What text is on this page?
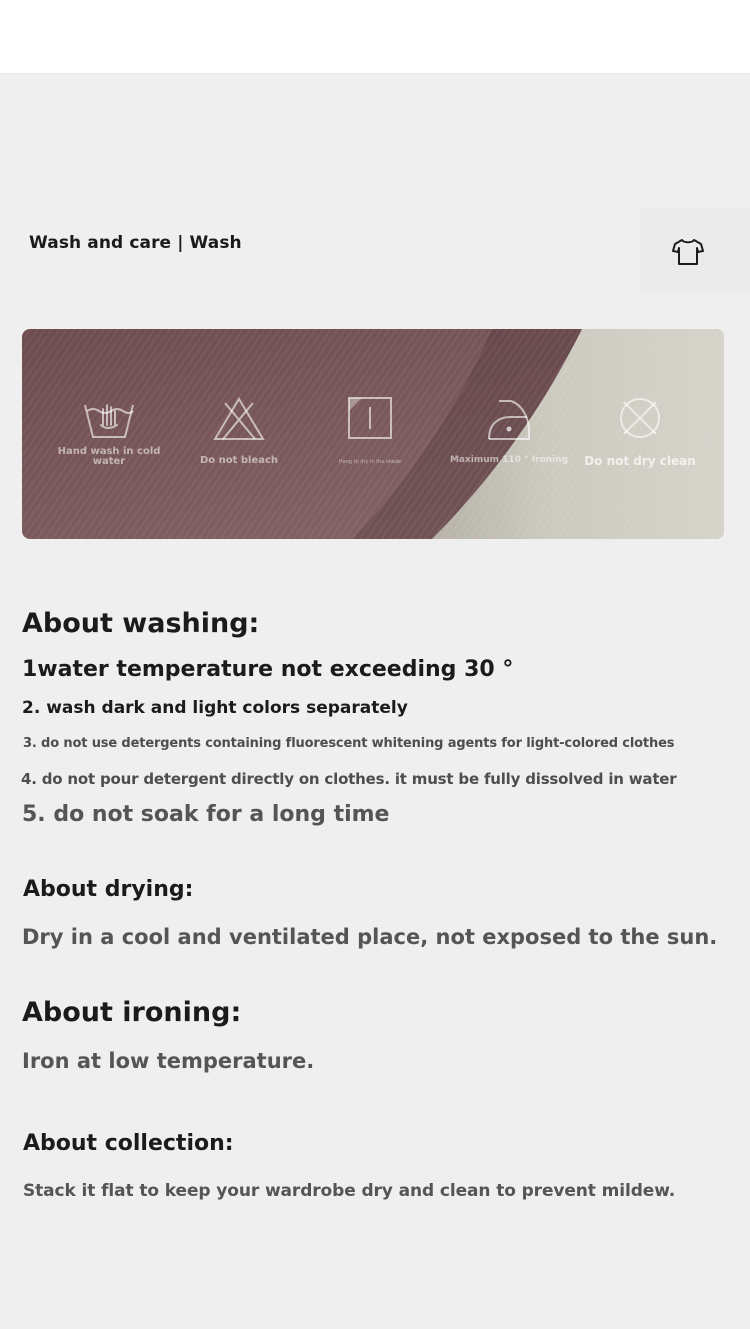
Wash and care | Wash
Hand wash in cold water	Do not bleach	Hang to dry in the shade	Maximum 110 ° Ironing	Do not dry clean
About washing:
1water temperature not exceeding 30 °
2. wash dark and light colors separately
3. do not use detergents containing fluorescent whitening agents for light-colored clothes
4. do not pour detergent directly on clothes. it must be fully dissolved in water
5. do not soak for a long time
About drying:
Dry in a cool and ventilated place, not exposed to the sun.
About ironing:
Iron at low temperature.
About collection:
Stack it flat to keep your wardrobe dry and clean to prevent mildew.
